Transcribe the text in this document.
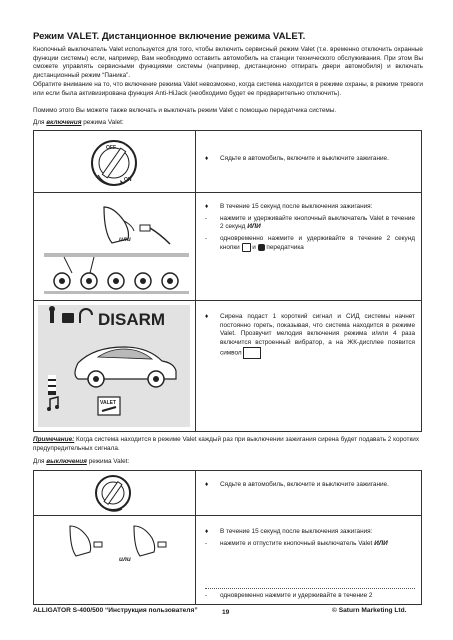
Режим VALET. Дистанционное включение режима VALET.
Кнопочный выключатель Valet используется для того, чтобы включить сервисный режим Valet (т.е. временно отключить охранные функции системы) если, например, Вам необходимо оставить автомобиль на станции технического обслуживания. При этом Вы сможете управлять сервисными функциями системы (например, дистанционно отпирать двери автомобиля) и включать дистанционный режим “Паника”.
Обратите внимание на то, что включение режима Valet невозможно, когда система находится в режиме охраны, в режиме тревоги или если была активизирована функция Anti-HiJack (необходимо будет ее предварительно отключить).
Помимо этого Вы можете также включать и выключать режим Valet с помощью передатчика системы.
Для включения режима Valet:
OFF
ON
♦	Сядьте в автомобиль, включите и выключите зажигание.
или
♦	В течение 15 секунд после выключения зажигания:
-	нажмите и удерживайте кнопочный выключатель Valet в течение 2 секунд ИЛИ
-	одновременно нажмите и удерживайте в течение 2 секунд кнопки и передатчика
DISARM
VALET
♦	Сирена подаст 1 короткий сигнал и СИД системы начнет постоянно гореть, показывая, что система находится в режиме Valet. Прозвучит мелодия включения режима и/или 4 раза включится встроенный вибратор, а на ЖК-дисплее появится символ
Примечание: Когда система находится в режиме Valet каждый раз при выключении зажигания сирена будет подавать 2 коротких предупредительных сигнала.
Для выключения режима Valet:
♦	Сядьте в автомобиль, включите и выключите зажигание.
или
♦	В течение 15 секунд после выключения зажигания:
-	нажмите и отпустите кнопочный выключатель Valet ИЛИ
-	одновременно нажмите и удерживайте в течение 2
ALLIGATOR S-400/500 “Инструкция пользователя”	19	© Saturn Marketing Ltd.
